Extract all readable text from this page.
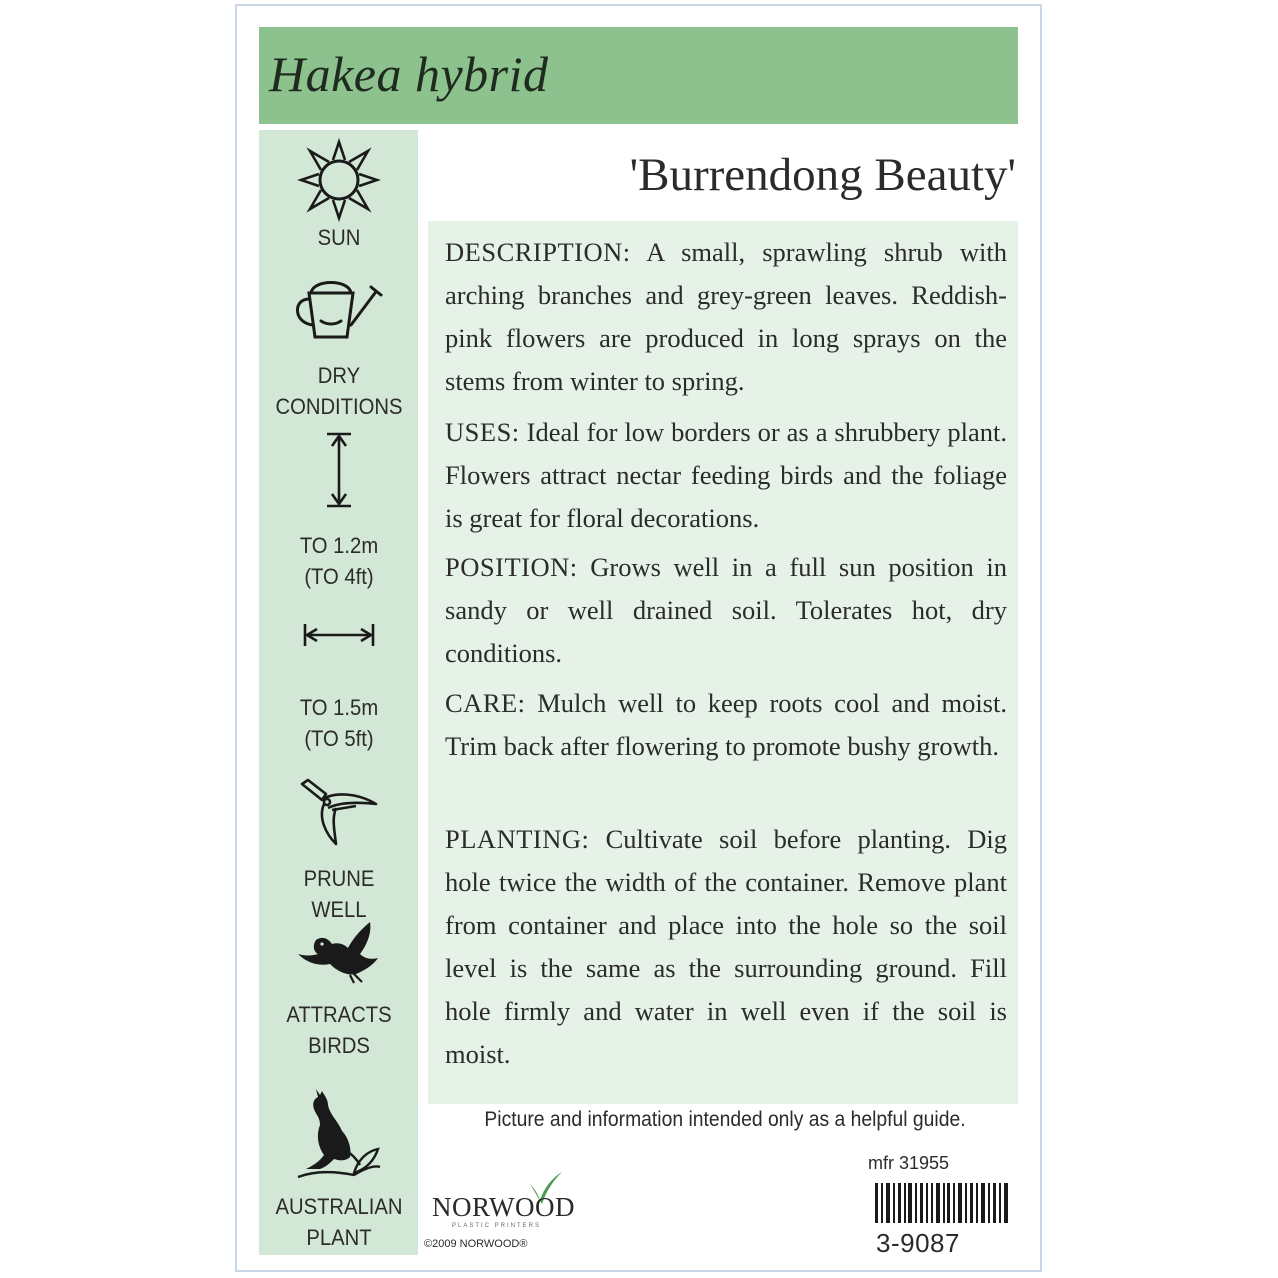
Hakea hybrid
SUN
DRY
CONDITIONS
TO 1.2m
(TO 4ft)
TO 1.5m
(TO 5ft)
PRUNE
WELL
ATTRACTS
BIRDS
AUSTRALIAN
PLANT
'Burrendong Beauty'
DESCRIPTION: A small, sprawling shrub with arching branches and grey-green leaves. Reddish-pink flowers are produced in long sprays on the stems from winter to spring.
USES: Ideal for low borders or as a shrubbery plant. Flowers attract nectar feeding birds and the foliage is great for floral decorations.
POSITION: Grows well in a full sun position in sandy or well drained soil. Tolerates hot, dry conditions.
CARE: Mulch well to keep roots cool and moist. Trim back after flowering to promote bushy growth.
PLANTING: Cultivate soil before planting. Dig hole twice the width of the container. Remove plant from container and place into the hole so the soil level is the same as the surrounding ground. Fill hole firmly and water in well even if the soil is moist.
Picture and information intended only as a helpful guide.
NORWOOD
PLASTIC PRINTERS
©2009 NORWOOD®
mfr 31955
3-9087
